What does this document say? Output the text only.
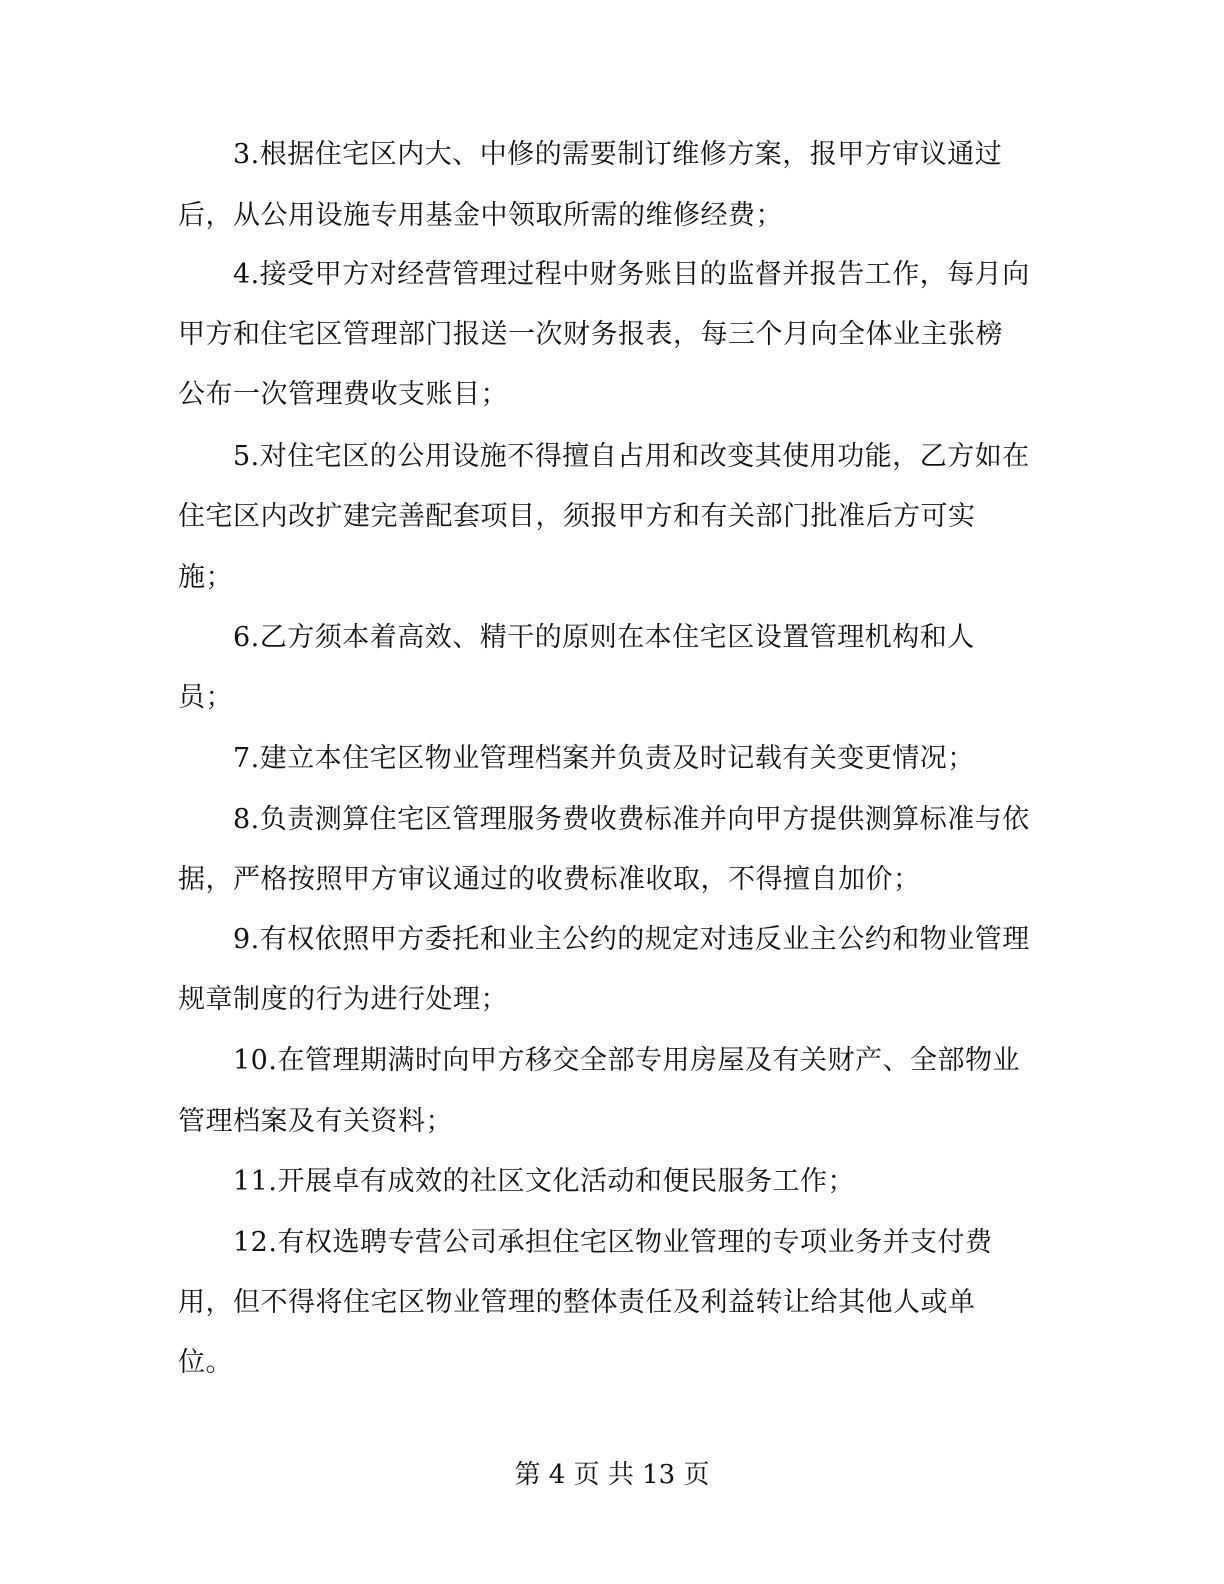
3.根据住宅区内大、中修的需要制订维修方案，报甲方审议通过
后，从公用设施专用基金中领取所需的维修经费；
4.接受甲方对经营管理过程中财务账目的监督并报告工作，每月向
甲方和住宅区管理部门报送一次财务报表，每三个月向全体业主张榜
公布一次管理费收支账目；
5.对住宅区的公用设施不得擅自占用和改变其使用功能，乙方如在
住宅区内改扩建完善配套项目，须报甲方和有关部门批准后方可实
施；
6.乙方须本着高效、精干的原则在本住宅区设置管理机构和人
员；
7.建立本住宅区物业管理档案并负责及时记载有关变更情况；
8.负责测算住宅区管理服务费收费标准并向甲方提供测算标准与依
据，严格按照甲方审议通过的收费标准收取，不得擅自加价；
9.有权依照甲方委托和业主公约的规定对违反业主公约和物业管理
规章制度的行为进行处理；
10.在管理期满时向甲方移交全部专用房屋及有关财产、全部物业
管理档案及有关资料；
11.开展卓有成效的社区文化活动和便民服务工作；
12.有权选聘专营公司承担住宅区物业管理的专项业务并支付费
用，但不得将住宅区物业管理的整体责任及利益转让给其他人或单
位。
第 4 页 共 13 页
